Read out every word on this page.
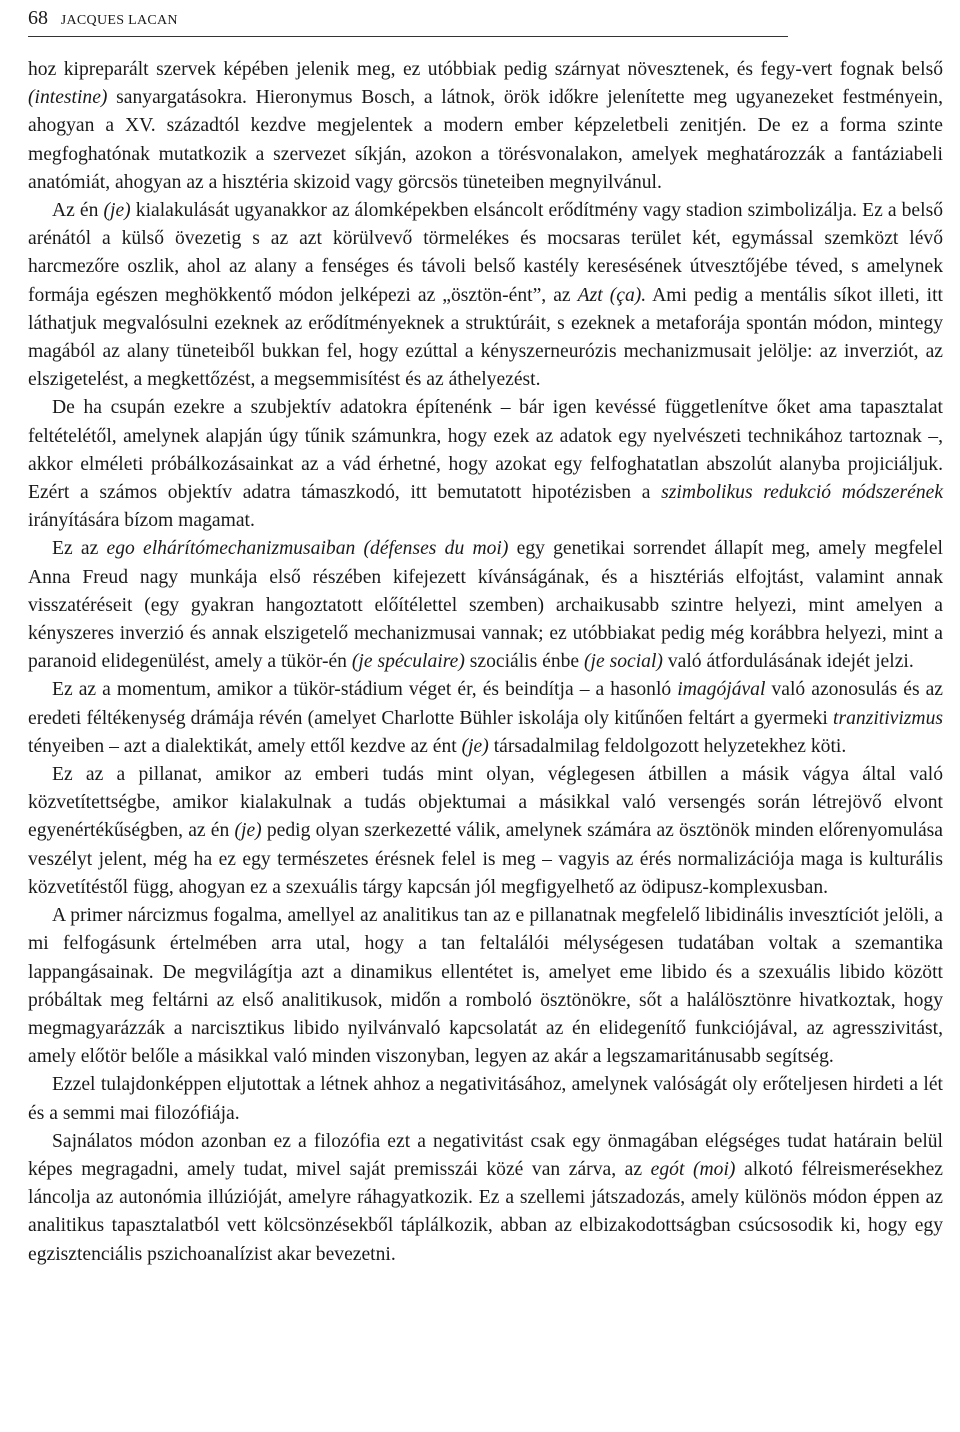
68 JACQUES LACAN

hoz kipreparált szervek képében jelenik meg, ez utóbbiak pedig szárnyat növesztenek, és fegy-vert fognak belső (intestine) sanyargatásokra. Hieronymus Bosch, a látnok, örök időkre jelenítette meg ugyanezeket festményein, ahogyan a XV. századtól kezdve megjelentek a modern ember képzeletbeli zenitjén. De ez a forma szinte megfoghatónak mutatkozik a szervezet síkján, azokon a törésvonalakon, amelyek meghatározzák a fantáziabeli anatómiát, ahogyan az a hisztéria skizoid vagy görcsös tüneteiben megnyilvánul.

Az én (je) kialakulását ugyanakkor az álomképekben elsáncolt erődítmény vagy stadion szimbolizálja. Ez a belső arénától a külső övezetig s az azt körülvevő törmelékes és mocsaras terület két, egymással szemközt lévő harcmezőre oszlik, ahol az alany a fenséges és távoli belső kastély keresésének útvesztőjébe téved, s amelynek formája egészen meghökkentő módon jelképezi az „ösztön-ént”, az Azt (ça). Ami pedig a mentális síkot illeti, itt láthatjuk megvalósulni ezeknek az erődítményeknek a struktúráit, s ezeknek a metaforája spontán módon, mintegy magából az alany tüneteiből bukkan fel, hogy ezúttal a kényszerneurózis mechanizmusait jelölje: az inverziót, az elszigetelést, a megkettőzést, a megsemmisítést és az áthelyezést.

De ha csupán ezekre a szubjektív adatokra építenénk – bár igen kevéssé függetlenítve őket ama tapasztalat feltételétől, amelynek alapján úgy tűnik számunkra, hogy ezek az adatok egy nyelvészeti technikához tartoznak –, akkor elméleti próbálkozásainkat az a vád érhetné, hogy azokat egy felfoghatatlan abszolút alanyba projiciáljuk. Ezért a számos objektív adatra támaszkodó, itt bemutatott hipotézisben a szimbolikus redukció módszerének irányítására bízom magamat.

Ez az ego elhárítómechanizmusaiban (défenses du moi) egy genetikai sorrendet állapít meg, amely megfelel Anna Freud nagy munkája első részében kifejezett kívánságának, és a hisztériás elfojtást, valamint annak visszatéréseit (egy gyakran hangoztatott előítélettel szemben) archaikusabb szintre helyezi, mint amelyen a kényszeres inverzió és annak elszigetelő mechanizmusai vannak; ez utóbbiakat pedig még korábbra helyezi, mint a paranoid elidegenülést, amely a tükör-én (je spéculaire) szociális énbe (je social) való átfordulásának idejét jelzi.

Ez az a momentum, amikor a tükör-stádium véget ér, és beindítja – a hasonló imagójával való azonosulás és az eredeti féltékenység drámája révén (amelyet Charlotte Bühler iskolája oly kitűnően feltárt a gyermeki tranzitivizmus tényeiben – azt a dialektikát, amely ettől kezdve az ént (je) társadalmilag feldolgozott helyzetekhez köti.

Ez az a pillanat, amikor az emberi tudás mint olyan, véglegesen átbillen a másik vágya által való közvetítettségbe, amikor kialakulnak a tudás objektumai a másikkal való versengés során létrejövő elvont egyenértékűségben, az én (je) pedig olyan szerkezetté válik, amelynek számára az ösztönök minden előrenyomulása veszélyt jelent, még ha ez egy természetes érésnek felel is meg – vagyis az érés normalizációja maga is kulturális közvetítéstől függ, ahogyan ez a szexuális tárgy kapcsán jól megfigyelhető az ödipusz-komplexusban.

A primer nárcizmus fogalma, amellyel az analitikus tan az e pillanatnak megfelelő libidinális invesztíciót jelöli, a mi felfogásunk értelmében arra utal, hogy a tan feltalálói mélységesen tudatában voltak a szemantika lappangásainak. De megvilágítja azt a dinamikus ellentétet is, amelyet eme libido és a szexuális libido között próbáltak meg feltárni az első analitikusok, midőn a romboló ösztönökre, sőt a halálösztönre hivatkoztak, hogy megmagyarázzák a narcisztikus libido nyilvánvaló kapcsolatát az én elidegenítő funkciójával, az agresszivitást, amely előtör belőle a másikkal való minden viszonyban, legyen az akár a legszamaritánusabb segítség.

Ezzel tulajdonképpen eljutottak a létnek ahhoz a negativitásához, amelynek valóságát oly erőteljesen hirdeti a lét és a semmi mai filozófiája.

Sajnálatos módon azonban ez a filozófia ezt a negativitást csak egy önmagában elégséges tudat határain belül képes megragadni, amely tudat, mivel saját premisszái közé van zárva, az egót (moi) alkotó félreismerésekhez láncolja az autonómia illúzióját, amelyre ráhagyatkozik. Ez a szellemi játszadozás, amely különös módon éppen az analitikus tapasztalatból vett kölcsönzésekből táplálkozik, abban az elbizakodottságban csúcsosodik ki, hogy egy egzisztenciális pszichoanalízist akar bevezetni.
